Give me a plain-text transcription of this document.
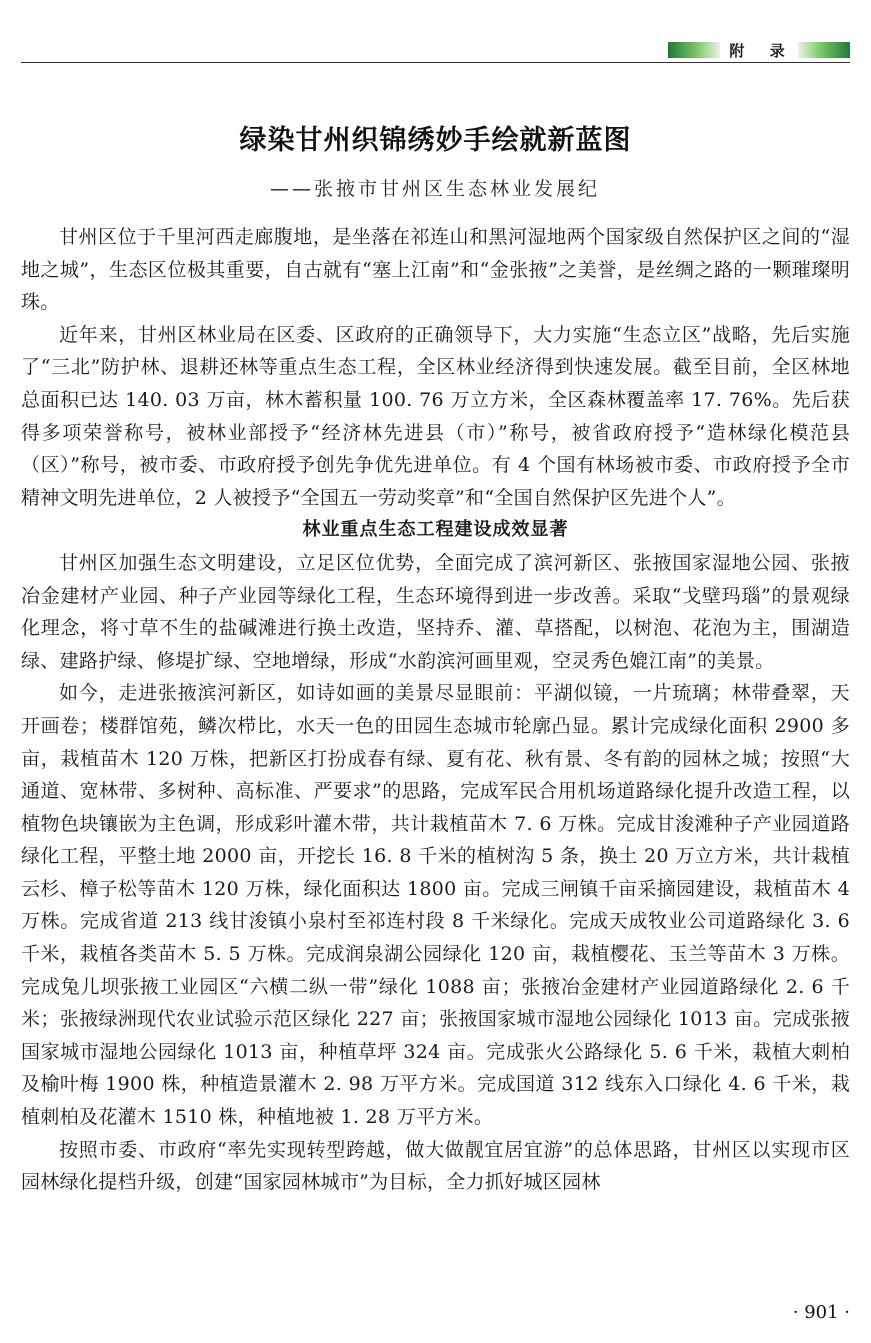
附 录
绿染甘州织锦绣妙手绘就新蓝图
——张掖市甘州区生态林业发展纪

甘州区位于千里河西走廊腹地，是坐落在祁连山和黑河湿地两个国家级自然保护区之间的“湿地之城”，生态区位极其重要，自古就有“塞上江南”和“金张掖”之美誉，是丝绸之路的一颗璀璨明珠。

近年来，甘州区林业局在区委、区政府的正确领导下，大力实施“生态立区”战略，先后实施了“三北”防护林、退耕还林等重点生态工程，全区林业经济得到快速发展。截至目前，全区林地总面积已达 140. 03 万亩，林木蓄积量 100. 76 万立方米，全区森林覆盖率 17. 76%。先后获得多项荣誉称号，被林业部授予“经济林先进县（市）”称号，被省政府授予“造林绿化模范县（区）”称号，被市委、市政府授予创先争优先进单位。有 4 个国有林场被市委、市政府授予全市精神文明先进单位，2 人被授予“全国五一劳动奖章”和“全国自然保护区先进个人”。

林业重点生态工程建设成效显著

甘州区加强生态文明建设，立足区位优势，全面完成了滨河新区、张掖国家湿地公园、张掖冶金建材产业园、种子产业园等绿化工程，生态环境得到进一步改善。采取“戈壁玛瑙”的景观绿化理念，将寸草不生的盐碱滩进行换土改造，坚持乔、灌、草搭配，以树泡、花泡为主，围湖造绿、建路护绿、修堤扩绿、空地增绿，形成“水韵滨河画里观，空灵秀色媲江南”的美景。

如今，走进张掖滨河新区，如诗如画的美景尽显眼前：平湖似镜，一片琉璃；林带叠翠，天开画卷；楼群馆苑，鳞次栉比，水天一色的田园生态城市轮廓凸显。累计完成绿化面积 2900 多亩，栽植苗木 120 万株，把新区打扮成春有绿、夏有花、秋有景、冬有韵的园林之城；按照“大通道、宽林带、多树种、高标准、严要求”的思路，完成军民合用机场道路绿化提升改造工程，以植物色块镶嵌为主色调，形成彩叶灌木带，共计栽植苗木 7. 6 万株。完成甘浚滩种子产业园道路绿化工程，平整土地 2000 亩，开挖长 16. 8 千米的植树沟 5 条，换土 20 万立方米，共计栽植云杉、樟子松等苗木 120 万株，绿化面积达 1800 亩。完成三闸镇千亩采摘园建设，栽植苗木 4 万株。完成省道 213 线甘浚镇小泉村至祁连村段 8 千米绿化。完成天成牧业公司道路绿化 3. 6 千米，栽植各类苗木 5. 5 万株。完成润泉湖公园绿化 120 亩，栽植樱花、玉兰等苗木 3 万株。完成兔儿坝张掖工业园区“六横二纵一带”绿化 1088 亩；张掖冶金建材产业园道路绿化 2. 6 千米；张掖绿洲现代农业试验示范区绿化 227 亩；张掖国家城市湿地公园绿化 1013 亩。完成张掖国家城市湿地公园绿化 1013 亩，种植草坪 324 亩。完成张火公路绿化 5. 6 千米，栽植大刺柏及榆叶梅 1900 株，种植造景灌木 2. 98 万平方米。完成国道 312 线东入口绿化 4. 6 千米，栽植刺柏及花灌木 1510 株，种植地被 1. 28 万平方米。

按照市委、市政府“率先实现转型跨越，做大做靓宜居宜游”的总体思路，甘州区以实现市区园林绿化提档升级，创建“国家园林城市”为目标，全力抓好城区园林

· 901 ·
